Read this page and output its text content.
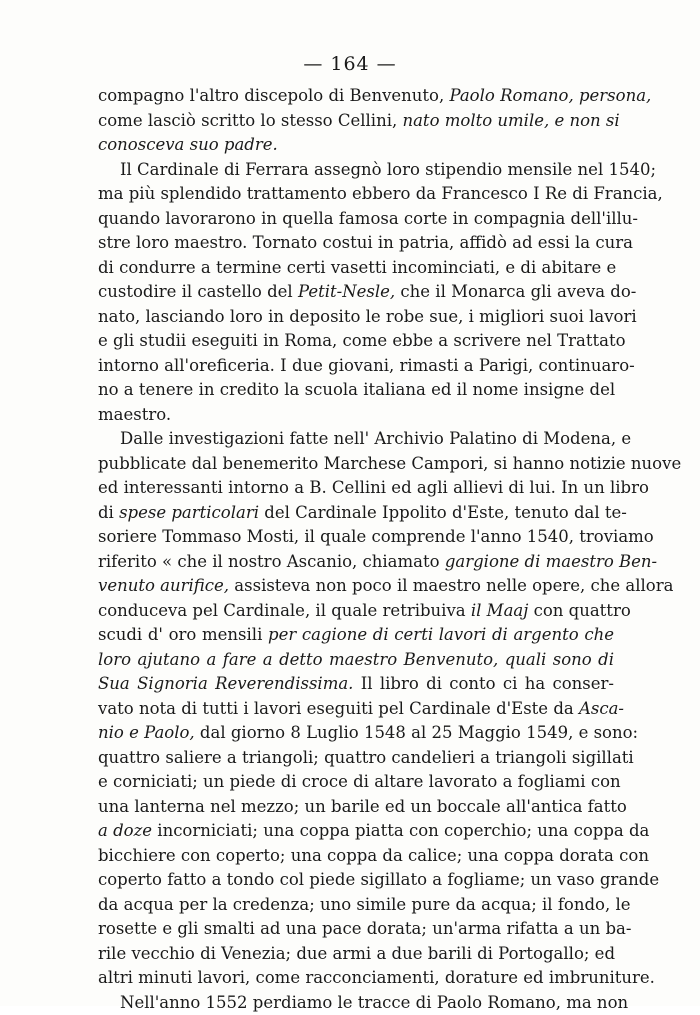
— 164 —
compagno l'altro discepolo di Benvenuto, Paolo Romano, persona,
come lasciò scritto lo stesso Cellini, nato molto umile, e non si
conosceva suo padre.
Il Cardinale di Ferrara assegnò loro stipendio mensile nel 1540;
ma più splendido trattamento ebbero da Francesco I Re di Francia,
quando lavorarono in quella famosa corte in compagnia dell'illu-
stre loro maestro. Tornato costui in patria, affidò ad essi la cura
di condurre a termine certi vasetti incominciati, e di abitare e
custodire il castello del Petit-Nesle, che il Monarca gli aveva do-
nato, lasciando loro in deposito le robe sue, i migliori suoi lavori
e gli studii eseguiti in Roma, come ebbe a scrivere nel Trattato
intorno all'oreficeria. I due giovani, rimasti a Parigi, continuaro-
no a tenere in credito la scuola italiana ed il nome insigne del
maestro.
Dalle investigazioni fatte nell' Archivio Palatino di Modena, e
pubblicate dal benemerito Marchese Campori, si hanno notizie nuove
ed interessanti intorno a B. Cellini ed agli allievi di lui. In un libro
di spese particolari del Cardinale Ippolito d'Este, tenuto dal te-
soriere Tommaso Mosti, il quale comprende l'anno 1540, troviamo
riferito « che il nostro Ascanio, chiamato gargione di maestro Ben-
venuto aurifice, assisteva non poco il maestro nelle opere, che allora
conduceva pel Cardinale, il quale retribuiva il Maaj con quattro
scudi d' oro mensili per cagione di certi lavori di argento che
loro ajutano a fare a detto maestro Benvenuto, quali sono di
Sua Signoria Reverendissima. Il libro di conto ci ha conser-
vato nota di tutti i lavori eseguiti pel Cardinale d'Este da Asca-
nio e Paolo, dal giorno 8 Luglio 1548 al 25 Maggio 1549, e sono:
quattro saliere a triangoli; quattro candelieri a triangoli sigillati
e corniciati; un piede di croce di altare lavorato a fogliami con
una lanterna nel mezzo; un barile ed un boccale all'antica fatto
a doze incorniciati; una coppa piatta con coperchio; una coppa da
bicchiere con coperto; una coppa da calice; una coppa dorata con
coperto fatto a tondo col piede sigillato a fogliame; un vaso grande
da acqua per la credenza; uno simile pure da acqua; il fondo, le
rosette e gli smalti ad una pace dorata; un'arma rifatta a un ba-
rile vecchio di Venezia; due armi a due barili di Portogallo; ed
altri minuti lavori, come racconciamenti, dorature ed imbruniture.
Nell'anno 1552 perdiamo le tracce di Paolo Romano, ma non
